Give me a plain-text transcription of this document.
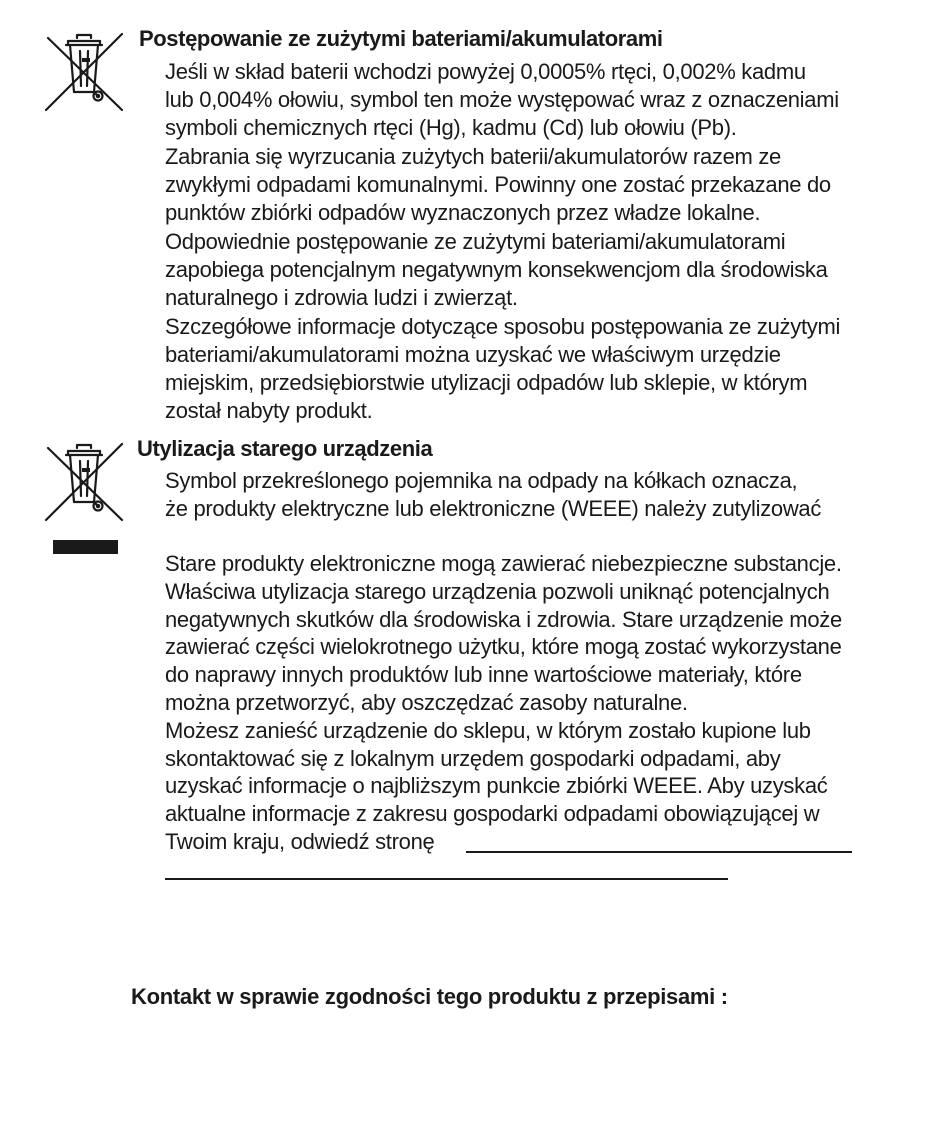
Postępowanie ze zużytymi bateriami/akumulatorami

Jeśli w skład baterii wchodzi powyżej 0,0005% rtęci, 0,002% kadmu
lub 0,004% ołowiu, symbol ten może występować wraz z oznaczeniami
symboli chemicznych rtęci (Hg), kadmu (Cd) lub ołowiu (Pb).

Zabrania się wyrzucania zużytych baterii/akumulatorów razem ze
zwykłymi odpadami komunalnymi. Powinny one zostać przekazane do
punktów zbiórki odpadów wyznaczonych przez władze lokalne.

Odpowiednie postępowanie ze zużytymi bateriami/akumulatorami
zapobiega potencjalnym negatywnym konsekwencjom dla środowiska
naturalnego i zdrowia ludzi i zwierząt.

Szczegółowe informacje dotyczące sposobu postępowania ze zużytymi
bateriami/akumulatorami można uzyskać we właściwym urzędzie
miejskim, przedsiębiorstwie utylizacji odpadów lub sklepie, w którym
został nabyty produkt.

Utylizacja starego urządzenia

Symbol przekreślonego pojemnika na odpady na kółkach oznacza,
że produkty elektryczne lub elektroniczne (WEEE) należy zutylizować

Stare produkty elektroniczne mogą zawierać niebezpieczne substancje.
Właściwa utylizacja starego urządzenia pozwoli uniknąć potencjalnych
negatywnych skutków dla środowiska i zdrowia. Stare urządzenie może
zawierać części wielokrotnego użytku, które mogą zostać wykorzystane
do naprawy innych produktów lub inne wartościowe materiały, które
można przetworzyć, aby oszczędzać zasoby naturalne.
Możesz zanieść urządzenie do sklepu, w którym zostało kupione lub
skontaktować się z lokalnym urzędem gospodarki odpadami, aby
uzyskać informacje o najbliższym punkcie zbiórki WEEE. Aby uzyskać
aktualne informacje z zakresu gospodarki odpadami obowiązującej w
Twoim kraju, odwiedź stronę

Kontakt w sprawie zgodności tego produktu z przepisami :
